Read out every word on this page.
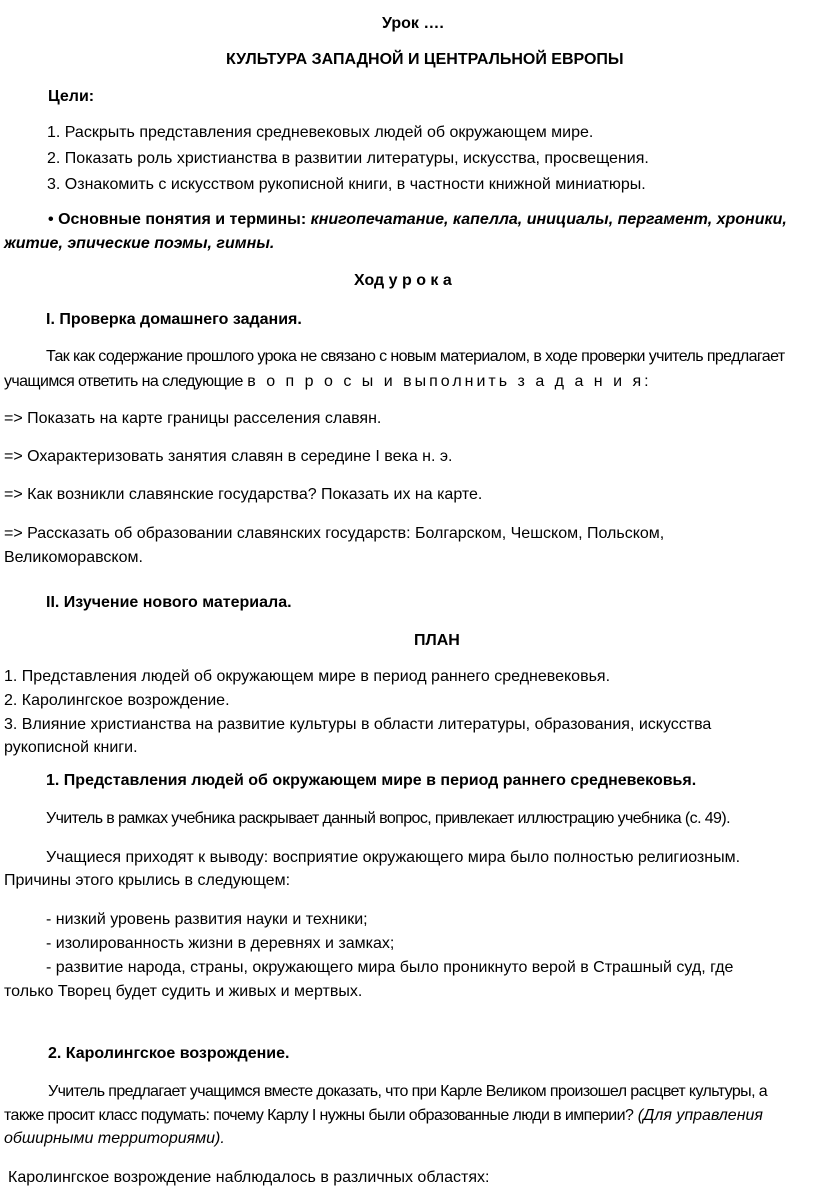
Урок ….
КУЛЬТУРА ЗАПАДНОЙ И ЦЕНТРАЛЬНОЙ ЕВРОПЫ
Цели:
1. Раскрыть представления средневековых людей об окружающем мире.
2. Показать роль христианства в развитии литературы, искусства, просвещения.
3. Ознакомить с искусством рукописной книги, в частности книжной миниатюры.
• Основные понятия и термины: книгопечатание, капелла, инициалы, пергамент, хроники,
житие, эпические поэмы, гимны.
Ход у р о к а
I. Проверка домашнего задания.
Так как содержание прошлого урока не связано с новым материалом, в ходе проверки учитель предлагает
учащимся ответить на следующие в о п р о с ы и выполнить з а д а н и я:
=> Показать на карте границы расселения славян.
=> Охарактеризовать занятия славян в середине I века н. э.
=> Как возникли славянские государства? Показать их на карте.
=> Рассказать об образовании славянских государств: Болгарском, Чешском, Польском,
Великоморавском.
II. Изучение нового материала.
ПЛАН
1. Представления людей об окружающем мире в период раннего средневековья.
2. Каролингское возрождение.
3. Влияние христианства на развитие культуры в области литературы, образования, искусства
рукописной книги.
1. Представления людей об окружающем мире в период раннего средневековья.
Учитель в рамках учебника раскрывает данный вопрос, привлекает иллюстрацию учебника (с. 49).
Учащиеся приходят к выводу: восприятие окружающего мира было полностью религиозным.
Причины этого крылись в следующем:
- низкий уровень развития науки и техники;
- изолированность жизни в деревнях и замках;
- развитие народа, страны, окружающего мира было проникнуто верой в Страшный суд, где
только Творец будет судить и живых и мертвых.
2. Каролингское возрождение.
Учитель предлагает учащимся вместе доказать, что при Карле Великом произошел расцвет культуры, а
также просит класс подумать: почему Карлу I нужны были образованные люди в империи? (Для управления
обширными территориями).
Каролингское возрождение наблюдалось в различных областях:
